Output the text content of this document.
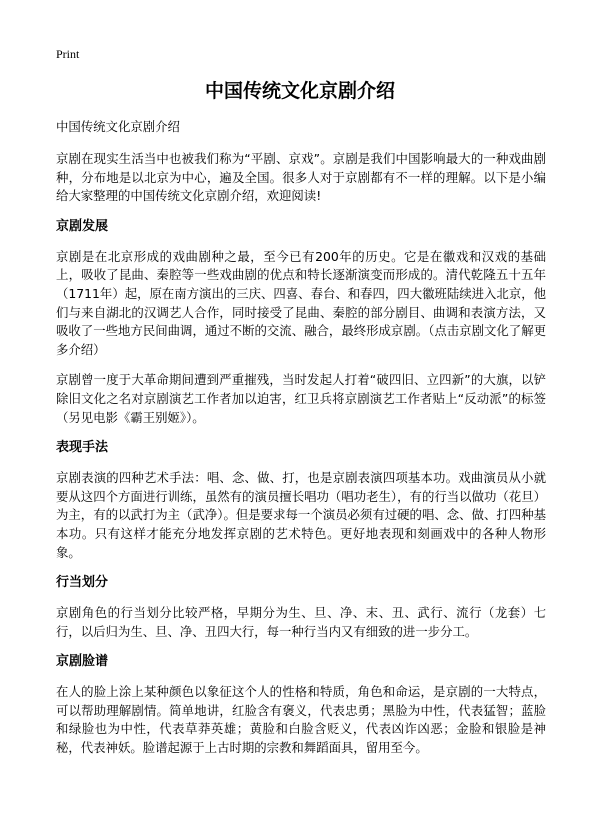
Print
中国传统文化京剧介绍
中国传统文化京剧介绍

京剧在现实生活当中也被我们称为“平剧、京戏”。京剧是我们中国影响最大的一种戏曲剧种，分布地是以北京为中心，遍及全国。很多人对于京剧都有不一样的理解。以下是小编给大家整理的中国传统文化京剧介绍，欢迎阅读!

京剧发展

京剧是在北京形成的戏曲剧种之最，至今已有200年的历史。它是在徽戏和汉戏的基础上，吸收了昆曲、秦腔等一些戏曲剧的优点和特长逐渐演变而形成的。清代乾隆五十五年（1711年）起，原在南方演出的三庆、四喜、春台、和春四，四大徽班陆续进入北京，他们与来自湖北的汉调艺人合作，同时接受了昆曲、秦腔的部分剧目、曲调和表演方法，又吸收了一些地方民间曲调，通过不断的交流、融合，最终形成京剧。（点击京剧文化了解更多介绍）

京剧曾一度于大革命期间遭到严重摧残，当时发起人打着“破四旧、立四新”的大旗，以铲除旧文化之名对京剧演艺工作者加以迫害，红卫兵将京剧演艺工作者贴上“反动派”的标签（另见电影《霸王别姬》）。

表现手法

京剧表演的四种艺术手法：唱、念、做、打，也是京剧表演四项基本功。戏曲演员从小就要从这四个方面进行训练，虽然有的演员擅长唱功（唱功老生），有的行当以做功（花旦）为主，有的以武打为主（武净）。但是要求每一个演员必须有过硬的唱、念、做、打四种基本功。只有这样才能充分地发挥京剧的艺术特色。更好地表现和刻画戏中的各种人物形象。

行当划分

京剧角色的行当划分比较严格，早期分为生、旦、净、末、丑、武行、流行（龙套）七行，以后归为生、旦、净、丑四大行，每一种行当内又有细致的进一步分工。

京剧脸谱

在人的脸上涂上某种颜色以象征这个人的性格和特质，角色和命运，是京剧的一大特点，可以帮助理解剧情。简单地讲，红脸含有褒义，代表忠勇；黑脸为中性，代表猛智；蓝脸和绿脸也为中性，代表草莽英雄；黄脸和白脸含贬义，代表凶诈凶恶；金脸和银脸是神秘，代表神妖。脸谱起源于上古时期的宗教和舞蹈面具，留用至今。
